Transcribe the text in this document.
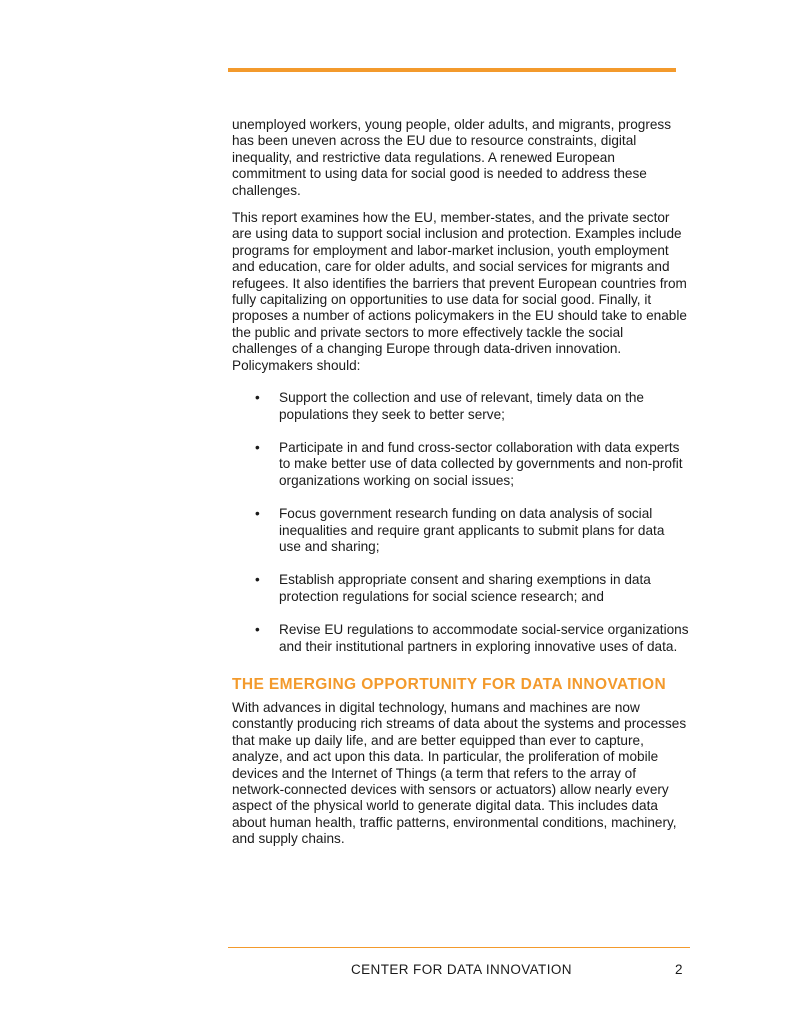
unemployed workers, young people, older adults, and migrants, progress has been uneven across the EU due to resource constraints, digital inequality, and restrictive data regulations. A renewed European commitment to using data for social good is needed to address these challenges.

This report examines how the EU, member-states, and the private sector are using data to support social inclusion and protection. Examples include programs for employment and labor-market inclusion, youth employment and education, care for older adults, and social services for migrants and refugees. It also identifies the barriers that prevent European countries from fully capitalizing on opportunities to use data for social good. Finally, it proposes a number of actions policymakers in the EU should take to enable the public and private sectors to more effectively tackle the social challenges of a changing Europe through data-driven innovation. Policymakers should:

• Support the collection and use of relevant, timely data on the populations they seek to better serve;
• Participate in and fund cross-sector collaboration with data experts to make better use of data collected by governments and non-profit organizations working on social issues;
• Focus government research funding on data analysis of social inequalities and require grant applicants to submit plans for data use and sharing;
• Establish appropriate consent and sharing exemptions in data protection regulations for social science research; and
• Revise EU regulations to accommodate social-service organizations and their institutional partners in exploring innovative uses of data.
THE EMERGING OPPORTUNITY FOR DATA INNOVATION

With advances in digital technology, humans and machines are now constantly producing rich streams of data about the systems and processes that make up daily life, and are better equipped than ever to capture, analyze, and act upon this data. In particular, the proliferation of mobile devices and the Internet of Things (a term that refers to the array of network-connected devices with sensors or actuators) allow nearly every aspect of the physical world to generate digital data. This includes data about human health, traffic patterns, environmental conditions, machinery, and supply chains.

CENTER FOR DATA INNOVATION	2
